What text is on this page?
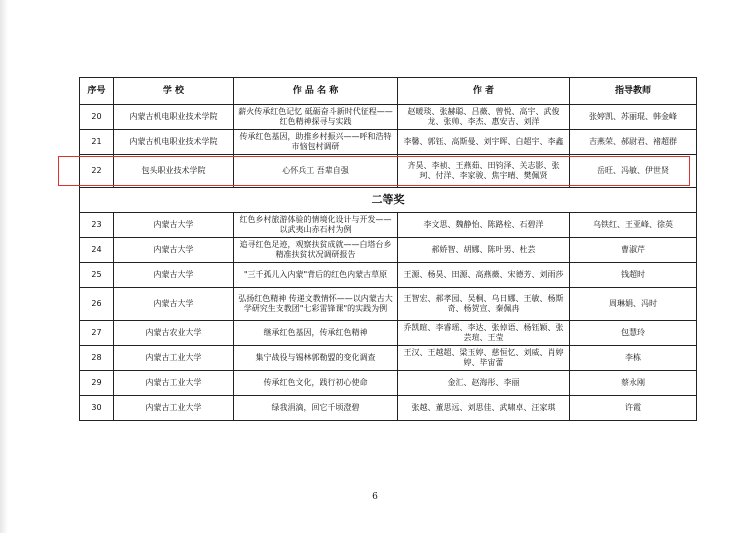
序号	学 校	作 品 名 称	作 者	指导教师
20	内蒙古机电职业技术学院	薪火传承红色记忆 砥砺奋斗新时代征程——红色精神探寻与实践	赵暖琰、张赫聪、吕薇、曾悦、高宇、武俊龙、张帅、李杰、惠安吉、刘洋	张婷凯、苏丽琨、韩金峰
21	内蒙古机电职业技术学院	传承红色基因，助推乡村振兴——呼和浩特市恼包村调研	李馨、郭钰、高斯曼、刘宇晖、白超宇、李鑫	吉燕荣、郝尉君、褚超群
22	包头职业技术学院	心怀兵工 吾辈自强	齐昊、李祯、王燕茹、田钧泽、关志影、张珂、付洋、李家骏、焦宇晴、樊佩贤	岳旺、冯敏、伊世贤
二等奖				
23	内蒙古大学	红色乡村旅游体验的情境化设计与开发——以武夷山赤石村为例	李文思、魏静怡、陈路栓、石碧洋	乌铁红、王亚峰、徐英
24	内蒙古大学	追寻红色足迹，观察扶贫成就——白塔台乡精准扶贫状况调研报告	郝娇智、胡娜、陈叶男、杜芸	曹淑芹
25	内蒙古大学	"三千孤儿入内蒙"背后的红色内蒙古草原	王源、杨昊、田源、高燕薇、宋德芳、刘雨莎	钱超时
26	内蒙古大学	弘扬红色精神 传递文教情怀——以内蒙古大学研究生支教团"七彩雷锋课"的实践为例	王智宏、郝孝园、吴桐、乌日娜、王敏、杨斯奇、杨贺宣、秦佩冉	周琳娟、冯时
27	内蒙古农业大学	继承红色基因，传承红色精神	乔凯暄、李睿瑶、李达、张倬语、杨钰颖、张芸瑄、王莹	包慧玲
28	内蒙古工业大学	集宁战役与锡林郭勒盟的变化调查	王汉、王越超、梁玉婷、慈恒忆、刘威、肖婷婷、毕宙蕾	李栋
29	内蒙古工业大学	传承红色文化，践行初心使命	金汇、赵海彤、李丽	蔡永刚
30	内蒙古工业大学	绿我涓滴，回它千顷澄碧	张越、董思远、刘思佳、武啸卓、汪家琪	许霞
6
